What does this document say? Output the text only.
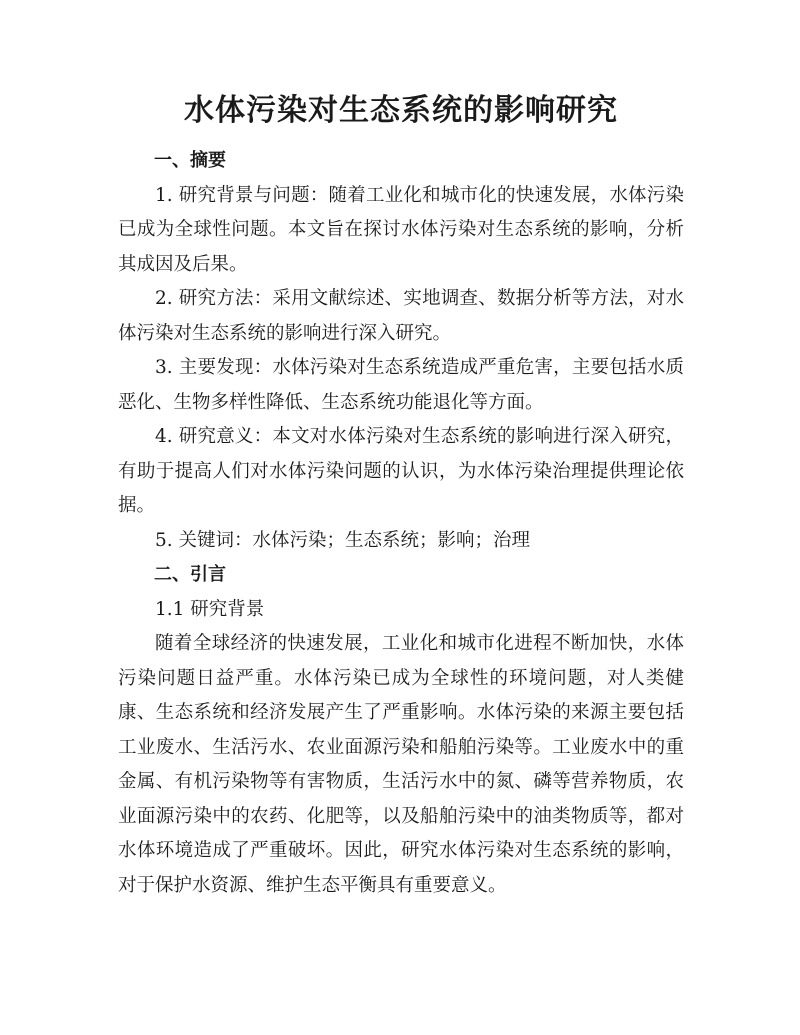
水体污染对生态系统的影响研究

一、摘要

1. 研究背景与问题：随着工业化和城市化的快速发展，水体污染已成为全球性问题。本文旨在探讨水体污染对生态系统的影响，分析其成因及后果。

2. 研究方法：采用文献综述、实地调查、数据分析等方法，对水体污染对生态系统的影响进行深入研究。

3. 主要发现：水体污染对生态系统造成严重危害，主要包括水质恶化、生物多样性降低、生态系统功能退化等方面。

4. 研究意义：本文对水体污染对生态系统的影响进行深入研究，有助于提高人们对水体污染问题的认识，为水体污染治理提供理论依据。

5. 关键词：水体污染；生态系统；影响；治理

二、引言

1.1 研究背景

随着全球经济的快速发展，工业化和城市化进程不断加快，水体污染问题日益严重。水体污染已成为全球性的环境问题，对人类健康、生态系统和经济发展产生了严重影响。水体污染的来源主要包括工业废水、生活污水、农业面源污染和船舶污染等。工业废水中的重金属、有机污染物等有害物质，生活污水中的氮、磷等营养物质，农业面源污染中的农药、化肥等，以及船舶污染中的油类物质等，都对水体环境造成了严重破坏。因此，研究水体污染对生态系统的影响，对于保护水资源、维护生态平衡具有重要意义。
